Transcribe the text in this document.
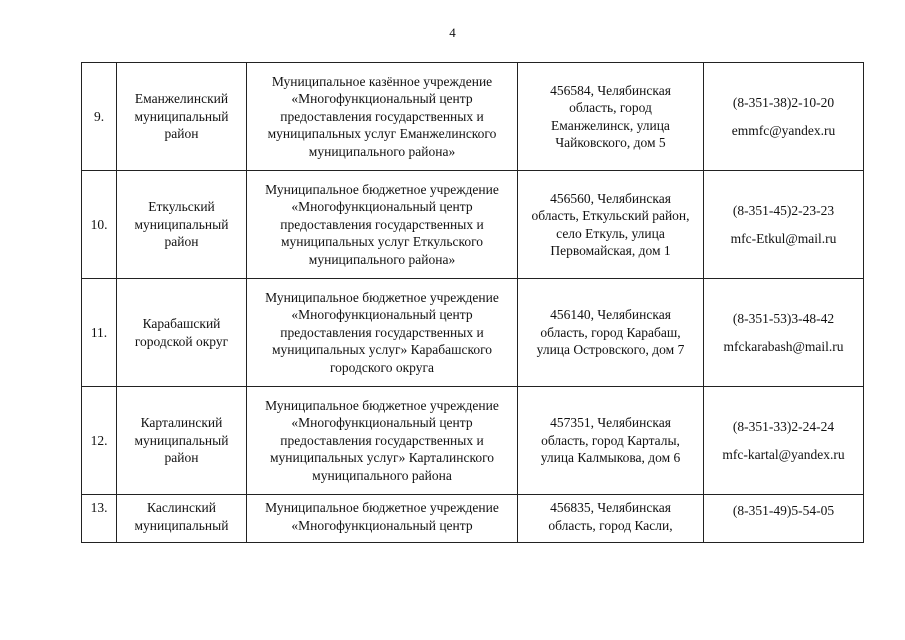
4
9.	Еманжелинский
муниципальный
район	Муниципальное казённое учреждение
«Многофункциональный центр
предоставления государственных и
муниципальных услуг Еманжелинского
муниципального района»	456584, Челябинская
область, город
Еманжелинск, улица
Чайковского, дом 5	(8-351-38)2-10-20
emmfc@yandex.ru

10.	Еткульский
муниципальный
район	Муниципальное бюджетное учреждение
«Многофункциональный центр
предоставления государственных и
муниципальных услуг Еткульского
муниципального района»	456560, Челябинская
область, Еткульский район,
село Еткуль, улица
Первомайская, дом 1	(8-351-45)2-23-23
mfc-Etkul@mail.ru

11.	Карабашский
городской округ	Муниципальное бюджетное учреждение
«Многофункциональный центр
предоставления государственных и
муниципальных услуг» Карабашского
городского округа	456140, Челябинская
область, город Карабаш,
улица Островского, дом 7	(8-351-53)3-48-42
mfckarabash@mail.ru

12.	Карталинский
муниципальный
район	Муниципальное бюджетное учреждение
«Многофункциональный центр
предоставления государственных и
муниципальных услуг» Карталинского
муниципального района	457351, Челябинская
область, город Карталы,
улица Калмыкова, дом 6	(8-351-33)2-24-24
mfc-kartal@yandex.ru

13.	Каслинский
муниципальный	Муниципальное бюджетное учреждение
«Многофункциональный центр	456835, Челябинская
область, город Касли,	(8-351-49)5-54-05
